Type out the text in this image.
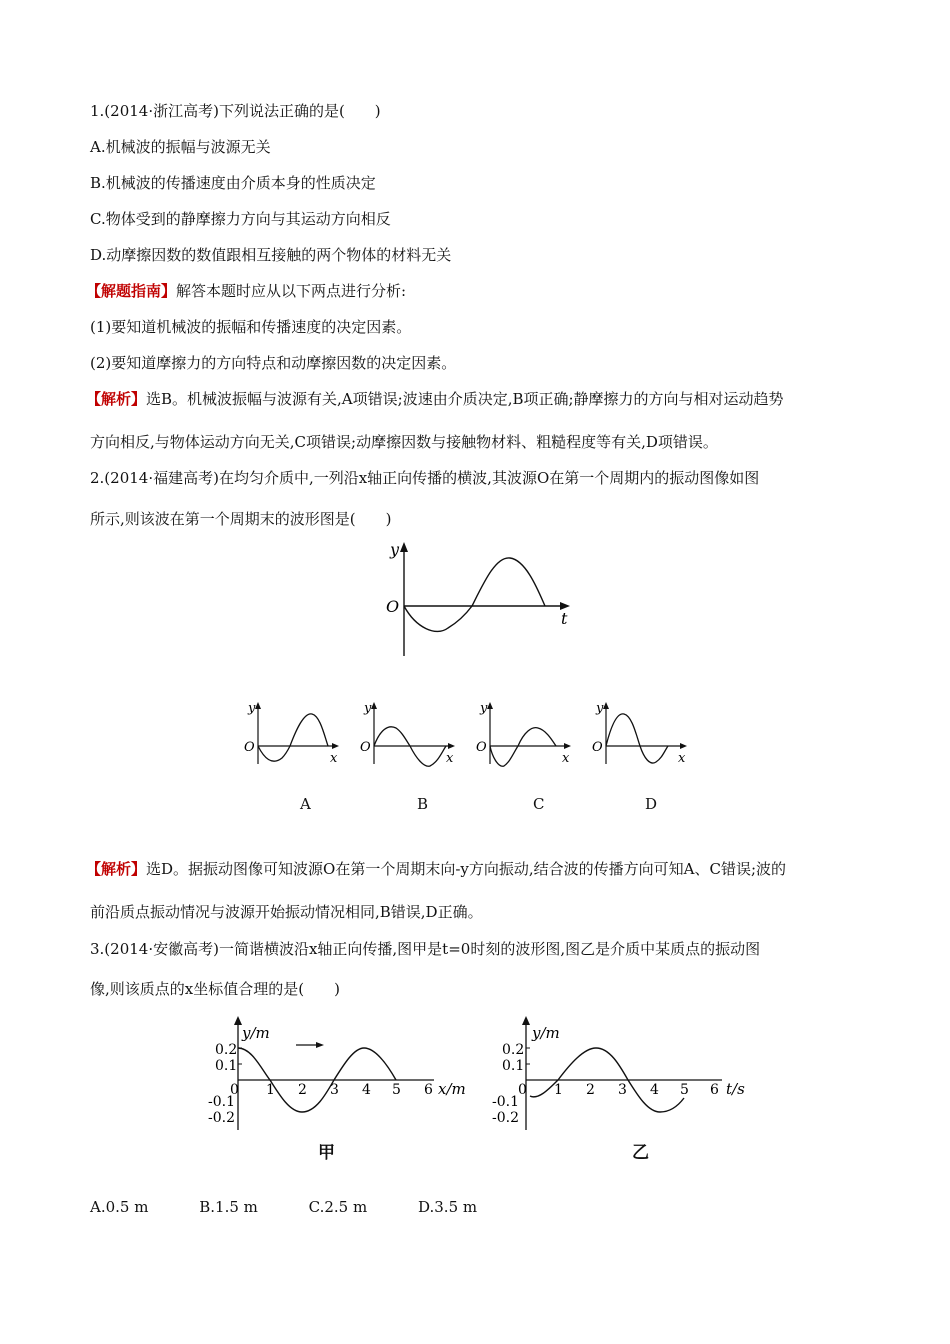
1.(2014·浙江高考)下列说法正确的是(　　)
A.机械波的振幅与波源无关
B.机械波的传播速度由介质本身的性质决定
C.物体受到的静摩擦力方向与其运动方向相反
D.动摩擦因数的数值跟相互接触的两个物体的材料无关
【解题指南】解答本题时应从以下两点进行分析:
(1)要知道机械波的振幅和传播速度的决定因素。
(2)要知道摩擦力的方向特点和动摩擦因数的决定因素。
【解析】选B。机械波振幅与波源有关,A项错误;波速由介质决定,B项正确;静摩擦力的方向与相对运动趋势
方向相反,与物体运动方向无关,C项错误;动摩擦因数与接触物材料、粗糙程度等有关,D项错误。
2.(2014·福建高考)在均匀介质中,一列沿x轴正向传播的横波,其波源O在第一个周期内的振动图像如图
所示,则该波在第一个周期末的波形图是(　　)
y
O
t
y
O
x
y
O
x
y
O
x
y
O
x
A	B	C	D
【解析】选D。据振动图像可知波源O在第一个周期末向-y方向振动,结合波的传播方向可知A、C错误;波的
前沿质点振动情况与波源开始振动情况相同,B错误,D正确。
3.(2014·安徽高考)一简谐横波沿x轴正向传播,图甲是t=0时刻的波形图,图乙是介质中某质点的振动图
像,则该质点的x坐标值合理的是(　　)
y/m
0.2
0.1
-0.1
-0.2
0 1 2 3 4 5 6 x/m
y/m
0.2
0.1
-0.1
-0.2
0 1 2 3 4 5 6 t/s
甲	乙
A.0.5 m	B.1.5 m	C.2.5 m	D.3.5 m
